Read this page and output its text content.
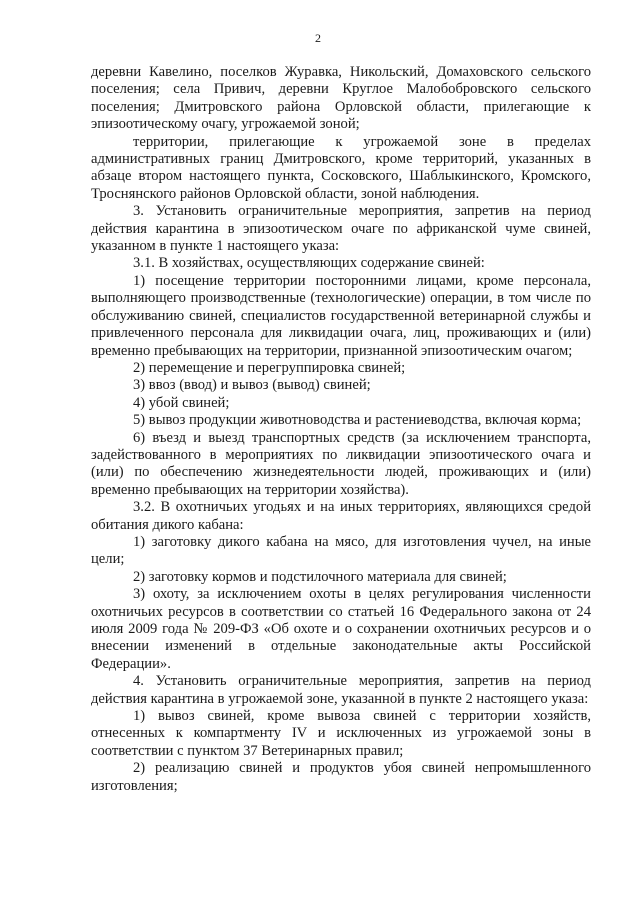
2

деревни Кавелино, поселков Журавка, Никольский, Домаховского сельского поселения; села Привич, деревни Круглое Малобобровского сельского поселения; Дмитровского района Орловской области, прилегающие к эпизоотическому очагу, угрожаемой зоной;

территории, прилегающие к угрожаемой зоне в пределах административных границ Дмитровского, кроме территорий, указанных в абзаце втором настоящего пункта, Сосковского, Шаблыкинского, Кромского, Троснянского районов Орловской области, зоной наблюдения.

3. Установить ограничительные мероприятия, запретив на период действия карантина в эпизоотическом очаге по африканской чуме свиней, указанном в пункте 1 настоящего указа:

3.1. В хозяйствах, осуществляющих содержание свиней:

1) посещение территории посторонними лицами, кроме персонала, выполняющего производственные (технологические) операции, в том числе по обслуживанию свиней, специалистов государственной ветеринарной службы и привлеченного персонала для ликвидации очага, лиц, проживающих и (или) временно пребывающих на территории, признанной эпизоотическим очагом;

2) перемещение и перегруппировка свиней;

3) ввоз (ввод) и вывоз (вывод) свиней;

4) убой свиней;

5) вывоз продукции животноводства и растениеводства, включая корма;

6) въезд и выезд транспортных средств (за исключением транспорта, задействованного в мероприятиях по ликвидации эпизоотического очага и (или) по обеспечению жизнедеятельности людей, проживающих и (или) временно пребывающих на территории хозяйства).

3.2. В охотничьих угодьях и на иных территориях, являющихся средой обитания дикого кабана:

1) заготовку дикого кабана на мясо, для изготовления чучел, на иные цели;

2) заготовку кормов и подстилочного материала для свиней;

3) охоту, за исключением охоты в целях регулирования численности охотничьих ресурсов в соответствии со статьей 16 Федерального закона от 24 июля 2009 года № 209-ФЗ «Об охоте и о сохранении охотничьих ресурсов и о внесении изменений в отдельные законодательные акты Российской Федерации».

4. Установить ограничительные мероприятия, запретив на период действия карантина в угрожаемой зоне, указанной в пункте 2 настоящего указа:

1) вывоз свиней, кроме вывоза свиней с территории хозяйств, отнесенных к компартменту IV и исключенных из угрожаемой зоны в соответствии с пунктом 37 Ветеринарных правил;

2) реализацию свиней и продуктов убоя свиней непромышленного изготовления;
